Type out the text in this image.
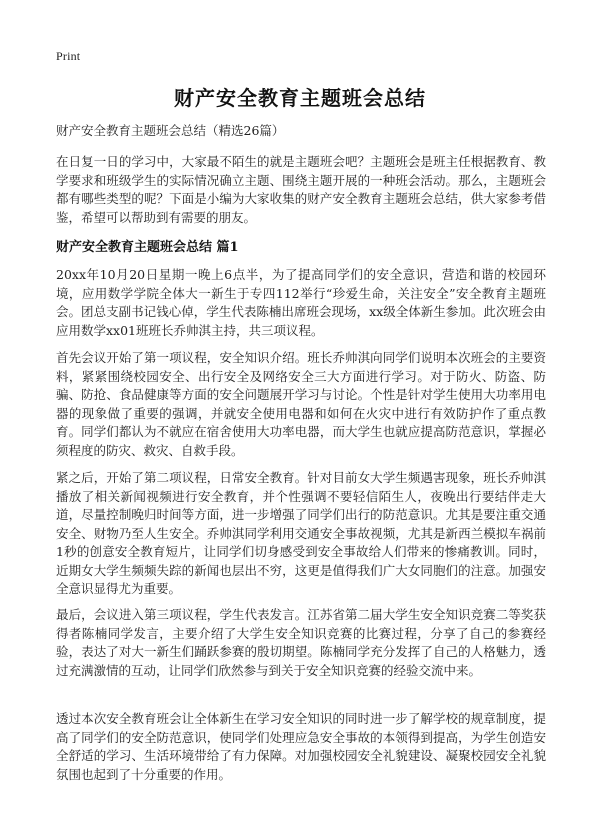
Print
财产安全教育主题班会总结
财产安全教育主题班会总结（精选26篇）

在日复一日的学习中，大家最不陌生的就是主题班会吧？主题班会是班主任根据教育、教学要求和班级学生的实际情况确立主题、围绕主题开展的一种班会活动。那么，主题班会都有哪些类型的呢？下面是小编为大家收集的财产安全教育主题班会总结，供大家参考借鉴，希望可以帮助到有需要的朋友。

财产安全教育主题班会总结 篇1

20xx年10月20日星期一晚上6点半，为了提高同学们的安全意识，营造和谐的校园环境，应用数学学院全体大一新生于专四112举行“珍爱生命，关注安全”安全教育主题班会。团总支副书记钱心倬，学生代表陈楠出席班会现场，xx级全体新生参加。此次班会由应用数学xx01班班长乔帅淇主持，共三项议程。

首先会议开始了第一项议程，安全知识介绍。班长乔帅淇向同学们说明本次班会的主要资料，紧紧围绕校园安全、出行安全及网络安全三大方面进行学习。对于防火、防盗、防骗、防抢、食品健康等方面的安全问题展开学习与讨论。个性是针对学生使用大功率用电器的现象做了重要的强调，并就安全使用电器和如何在火灾中进行有效防护作了重点教育。同学们都认为不就应在宿舍使用大功率电器，而大学生也就应提高防范意识，掌握必须程度的防灾、救灾、自救手段。

紧之后，开始了第二项议程，日常安全教育。针对目前女大学生频遇害现象，班长乔帅淇播放了相关新闻视频进行安全教育，并个性强调不要轻信陌生人，夜晚出行要结伴走大道，尽量控制晚归时间等方面，进一步增强了同学们出行的防范意识。尤其是要注重交通安全、财物乃至人生安全。乔帅淇同学利用交通安全事故视频，尤其是新西兰模拟车祸前1秒的创意安全教育短片，让同学们切身感受到安全事故给人们带来的惨痛教训。同时，近期女大学生频频失踪的新闻也层出不穷，这更是值得我们广大女同胞们的注意。加强安全意识显得尤为重要。

最后，会议进入第三项议程，学生代表发言。江苏省第二届大学生安全知识竞赛二等奖获得者陈楠同学发言，主要介绍了大学生安全知识竞赛的比赛过程，分享了自己的参赛经验，表达了对大一新生们踊跃参赛的殷切期望。陈楠同学充分发挥了自己的人格魅力，透过充满激情的互动，让同学们欣然参与到关于安全知识竞赛的经验交流中来。

透过本次安全教育班会让全体新生在学习安全知识的同时进一步了解学校的规章制度，提高了同学们的安全防范意识，使同学们处理应急安全事故的本领得到提高，为学生创造安全舒适的学习、生活环境带给了有力保障。对加强校园安全礼貌建设、凝聚校园安全礼貌氛围也起到了十分重要的作用。
